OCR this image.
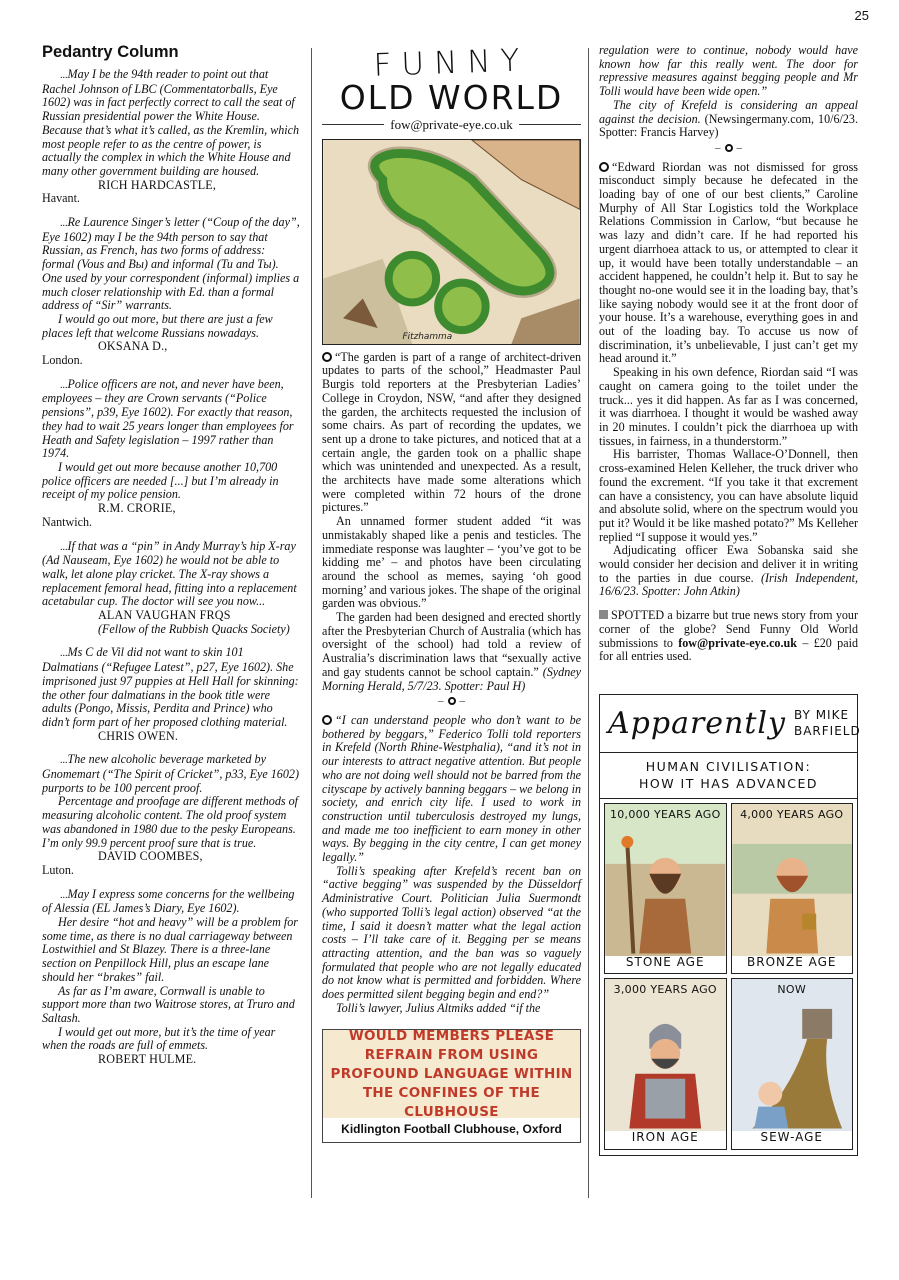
25
Pedantry Column

...May I be the 94th reader to point out that Rachel Johnson of LBC (Commentatorballs, Eye 1602) was in fact perfectly correct to call the seat of Russian presidential power the White House. Because that’s what it’s called, as the Kremlin, which most people refer to as the centre of power, is actually the complex in which the White House and many other government building are housed.

RICH HARDCASTLE,
Havant.

...Re Laurence Singer’s letter (“Coup of the day”, Eye 1602) may I be the 94th person to say that Russian, as French, has two forms of address: formal (Vous and Вы) and informal (Tu and Ты). One used by your correspondent (informal) implies a much closer relationship with Ed. than a formal address of “Sir” warrants.

I would go out more, but there are just a few places left that welcome Russians nowadays.

OKSANA D.,
London.

...Police officers are not, and never have been, employees – they are Crown servants (“Police pensions”, p39, Eye 1602). For exactly that reason, they had to wait 25 years longer than employees for Heath and Safety legislation – 1997 rather than 1974.

I would get out more because another 10,700 police officers are needed [...] but I’m already in receipt of my police pension.

R.M. CRORIE,
Nantwich.

...If that was a “pin” in Andy Murray’s hip X-ray (Ad Nauseam, Eye 1602) he would not be able to walk, let alone play cricket. The X-ray shows a replacement femoral head, fitting into a replacement acetabular cup. The doctor will see you now...

ALAN VAUGHAN FRQS
(Fellow of the Rubbish Quacks Society)

...Ms C de Vil did not want to skin 101 Dalmatians (“Refugee Latest”, p27, Eye 1602). She imprisoned just 97 puppies at Hell Hall for skinning: the other four dalmatians in the book title were adults (Pongo, Missis, Perdita and Prince) who didn’t form part of her proposed clothing material.

CHRIS OWEN.

...The new alcoholic beverage marketed by Gnomemart (“The Spirit of Cricket”, p33, Eye 1602) purports to be 100 percent proof.

Percentage and proofage are different methods of measuring alcoholic content. The old proof system was abandoned in 1980 due to the pesky Europeans. I’m only 99.9 percent proof sure that is true.

DAVID COOMBES,
Luton.

...May I express some concerns for the wellbeing of Alessia (EL James’s Diary, Eye 1602).

Her desire “hot and heavy” will be a problem for some time, as there is no dual carriageway between Lostwithiel and St Blazey. There is a three-lane section on Penpillock Hill, plus an escape lane should her “brakes” fail.

As far as I’m aware, Cornwall is unable to support more than two Waitrose stores, at Truro and Saltash.

I would get out more, but it’s the time of year when the roads are full of emmets.

ROBERT HULME.
FUNNY
OLD WORLD
fow@private-eye.co.uk
Fitzhamma

“The garden is part of a range of architect-driven updates to parts of the school,” Headmaster Paul Burgis told reporters at the Presbyterian Ladies’ College in Croydon, NSW, “and after they designed the garden, the architects requested the inclusion of some chairs. As part of recording the updates, we sent up a drone to take pictures, and noticed that at a certain angle, the garden took on a phallic shape which was unintended and unexpected. As a result, the architects have made some alterations which were completed within 72 hours of the drone pictures.”

An unnamed former student added “it was unmistakably shaped like a penis and testicles. The immediate response was laughter – ‘you’ve got to be kidding me’ – and photos have been circulating around the school as memes, saying ‘oh good morning’ and various jokes. The shape of the original garden was obvious.”

The garden had been designed and erected shortly after the Presbyterian Church of Australia (which has oversight of the school) had told a review of Australia’s discrimination laws that “sexually active and gay students cannot be school captain.” (Sydney Morning Herald, 5/7/23. Spotter: Paul H)

– –

“I can understand people who don’t want to be bothered by beggars,” Federico Tolli told reporters in Krefeld (North Rhine-Westphalia), “and it’s not in our interests to attract negative attention. But people who are not doing well should not be barred from the cityscape by actively banning beggars – we belong in society, and enrich city life. I used to work in construction until tuberculosis destroyed my lungs, and made me too inefficient to earn money in other ways. By begging in the city centre, I can get money legally.”

Tolli’s speaking after Krefeld’s recent ban on “active begging” was suspended by the Düsseldorf Administrative Court. Politician Julia Suermondt (who supported Tolli’s legal action) observed “at the time, I said it doesn’t matter what the legal action costs – I’ll take care of it. Begging per se means attracting attention, and the ban was so vaguely formulated that people who are not legally educated do not know what is permitted and forbidden. Where does permitted silent begging begin and end?”

Tolli’s lawyer, Julius Altmiks added “if the

WOULD MEMBERS PLEASE REFRAIN FROM USING PROFOUND LANGUAGE WITHIN THE CONFINES OF THE CLUBHOUSE
Kidlington Football Clubhouse, Oxford

regulation were to continue, nobody would have known how far this really went. The door for repressive measures against begging people and Mr Tolli would have been wide open.”

The city of Krefeld is considering an appeal against the decision. (Newsingermany.com, 10/6/23. Spotter: Francis Harvey)

– –

“Edward Riordan was not dismissed for gross misconduct simply because he defecated in the loading bay of one of our best clients,” Caroline Murphy of All Star Logistics told the Workplace Relations Commission in Carlow, “but because he was lazy and didn’t care. If he had reported his urgent diarrhoea attack to us, or attempted to clear it up, it would have been totally understandable – an accident happened, he couldn’t help it. But to say he thought no-one would see it in the loading bay, that’s like saying nobody would see it at the front door of your house. It’s a warehouse, everything goes in and out of the loading bay. To accuse us now of discrimination, it’s unbelievable, I just can’t get my head around it.”

Speaking in his own defence, Riordan said “I was caught on camera going to the toilet under the truck... yes it did happen. As far as I was concerned, it was diarrhoea. I thought it would be washed away in 20 minutes. I couldn’t pick the diarrhoea up with tissues, in fairness, in a thunderstorm.”

His barrister, Thomas Wallace-O’Donnell, then cross-examined Helen Kelleher, the truck driver who found the excrement. “If you take it that excrement can have a consistency, you can have absolute liquid and absolute solid, where on the spectrum would you put it? Would it be like mashed potato?” Ms Kelleher replied “I suppose it would yes.”

Adjudicating officer Ewa Sobanska said she would consider her decision and deliver it in writing to the parties in due course. (Irish Independent, 16/6/23. Spotter: John Atkin)

SPOTTED a bizarre but true news story from your corner of the globe? Send Funny Old World submissions to fow@private-eye.co.uk – £20 paid for all entries used.

Apparently BY MIKE
BARFIELD
HUMAN CIVILISATION:
HOW IT HAS ADVANCED
10,000 YEARS AGO
STONE AGE
4,000 YEARS AGO
BRONZE AGE
3,000 YEARS AGO
IRON AGE
NOW
SEW-AGE
